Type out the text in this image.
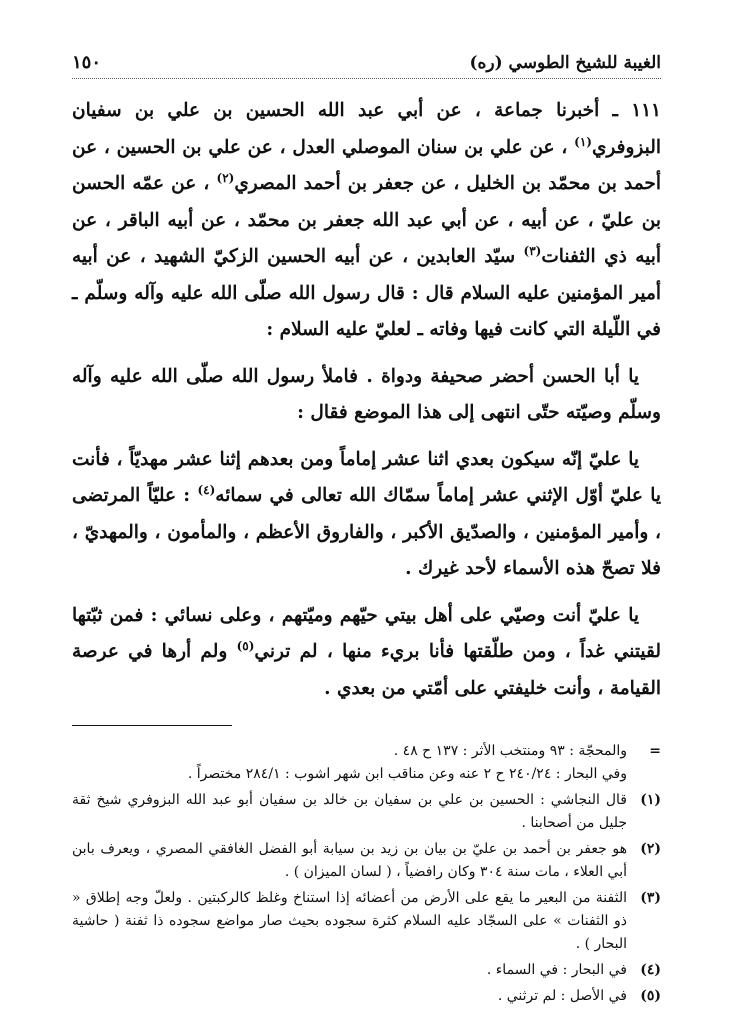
الغيبة للشيخ الطوسي (ره)
١٥٠

١١١ ـ أخبرنا جماعة ، عن أبي عبد الله الحسين بن علي بن سفيان البزوفري$^{(١)}$ ، عن علي بن سنان الموصلي العدل ، عن علي بن الحسين ، عن أحمد بن محمّد بن الخليل ، عن جعفر بن أحمد المصري$^{(٢)}$ ، عن عمّه الحسن بن عليّ ، عن أبيه ، عن أبي عبد الله جعفر بن محمّد ، عن أبيه الباقر ، عن أبيه ذي الثفنات$^{(٣)}$ سيّد العابدين ، عن أبيه الحسين الزكيّ الشهيد ، عن أبيه أمير المؤمنين عليه السلام قال : قال رسول الله صلّى الله عليه وآله وسلّم ـ في اللّيلة التي كانت فيها وفاته ـ لعليّ عليه السلام :

يا أبا الحسن أحضر صحيفة ودواة . فاملأ رسول الله صلّى الله عليه وآله وسلّم وصيّته حتّى انتهى إلى هذا الموضع فقال :

يا عليّ إنّه سيكون بعدي اثنا عشر إماماً ومن بعدهم إثنا عشر مهديّاً ، فأنت يا عليّ أوّل الإثني عشر إماماً سمّاك الله تعالى في سمائه$^{(٤)}$ : عليّاً المرتضى ، وأمير المؤمنين ، والصدّيق الأكبر ، والفاروق الأعظم ، والمأمون ، والمهديّ ، فلا تصحّ هذه الأسماء لأحد غيرك .

يا عليّ أنت وصيّي على أهل بيتي حيّهم وميّتهم ، وعلى نسائي : فمن ثبّتها لقيتني غداً ، ومن طلّقتها فأنا بريء منها ، لم ترني$^{(٥)}$ ولم أرها في عرصة القيامة ، وأنت خليفتي على أمّتي من بعدي .

=
والمحجّة : ٩٣ ومنتخب الأثر : ١٣٧ ح ٤٨ .
وفي البحار : ٢٤٠/٢٤ ح ٢ عنه وعن مناقب ابن شهر اشوب : ٢٨٤/١ مختصراً .
(١)
قال النجاشي : الحسين بن علي بن سفيان بن خالد بن سفيان أبو عبد الله البزوفري شيخ ثقة جليل من أصحابنا .
(٢)
هو جعفر بن أحمد بن عليّ بن بيان بن زيد بن سيابة أبو الفضل الغافقي المصري ، ويعرف بابن أبي العلاء ، مات سنة ٣٠٤ وكان رافضياً ، ( لسان الميزان ) .
(٣)
الثفنة من البعير ما يقع على الأرض من أعضائه إذا استناخ وغلظ كالركبتين . ولعلّ وجه إطلاق « ذو الثفنات » على السجّاد عليه السلام كثرة سجوده بحيث صار مواضع سجوده ذا ثفنة ( حاشية البحار ) .
(٤)
في البحار : في السماء .
(٥)
في الأصل : لم ترثني .
